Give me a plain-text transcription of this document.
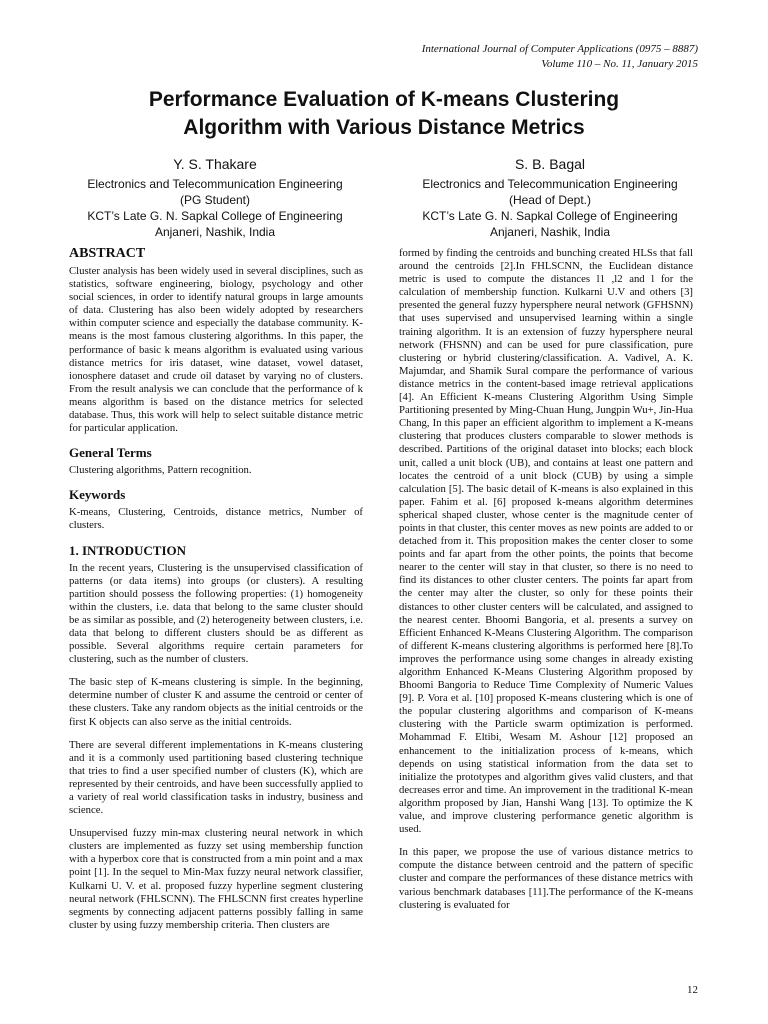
International Journal of Computer Applications (0975 – 8887)
Volume 110 – No. 11, January 2015
Performance Evaluation of K-means Clustering
Algorithm with Various Distance Metrics
Y. S. Thakare
Electronics and Telecommunication Engineering
(PG Student)
KCT’s Late G. N. Sapkal College of Engineering
Anjaneri, Nashik, India
S. B. Bagal
Electronics and Telecommunication Engineering
(Head of Dept.)
KCT’s Late G. N. Sapkal College of Engineering
Anjaneri, Nashik, India
ABSTRACT

Cluster analysis has been widely used in several disciplines, such as statistics, software engineering, biology, psychology and other social sciences, in order to identify natural groups in large amounts of data. Clustering has also been widely adopted by researchers within computer science and especially the database community. K-means is the most famous clustering algorithms. In this paper, the performance of basic k means algorithm is evaluated using various distance metrics for iris dataset, wine dataset, vowel dataset, ionosphere dataset and crude oil dataset by varying no of clusters. From the result analysis we can conclude that the performance of k means algorithm is based on the distance metrics for selected database. Thus, this work will help to select suitable distance metric for particular application.

General Terms

Clustering algorithms, Pattern recognition.

Keywords

K-means, Clustering, Centroids, distance metrics, Number of clusters.

1. INTRODUCTION

In the recent years, Clustering is the unsupervised classification of patterns (or data items) into groups (or clusters). A resulting partition should possess the following properties: (1) homogeneity within the clusters, i.e. data that belong to the same cluster should be as similar as possible, and (2) heterogeneity between clusters, i.e. data that belong to different clusters should be as different as possible. Several algorithms require certain parameters for clustering, such as the number of clusters.

The basic step of K-means clustering is simple. In the beginning, determine number of cluster K and assume the centroid or center of these clusters. Take any random objects as the initial centroids or the first K objects can also serve as the initial centroids.

There are several different implementations in K-means clustering and it is a commonly used partitioning based clustering technique that tries to find a user specified number of clusters (K), which are represented by their centroids, and have been successfully applied to a variety of real world classification tasks in industry, business and science.

Unsupervised fuzzy min-max clustering neural network in which clusters are implemented as fuzzy set using membership function with a hyperbox core that is constructed from a min point and a max point [1]. In the sequel to Min-Max fuzzy neural network classifier, Kulkarni U. V. et al. proposed fuzzy hyperline segment clustering neural network (FHLSCNN). The FHLSCNN first creates hyperline segments by connecting adjacent patterns possibly falling in same cluster by using fuzzy membership criteria. Then clusters are

formed by finding the centroids and bunching created HLSs that fall around the centroids [2].In FHLSCNN, the Euclidean distance metric is used to compute the distances l1 ,l2 and l for the calculation of membership function. Kulkarni U.V and others [3] presented the general fuzzy hypersphere neural network (GFHSNN) that uses supervised and unsupervised learning within a single training algorithm. It is an extension of fuzzy hypersphere neural network (FHSNN) and can be used for pure classification, pure clustering or hybrid clustering/classification. A. Vadivel, A. K. Majumdar, and Shamik Sural compare the performance of various distance metrics in the content-based image retrieval applications [4]. An Efficient K-means Clustering Algorithm Using Simple Partitioning presented by Ming-Chuan Hung, Jungpin Wu+, Jin-Hua Chang, In this paper an efficient algorithm to implement a K-means clustering that produces clusters comparable to slower methods is described. Partitions of the original dataset into blocks; each block unit, called a unit block (UB), and contains at least one pattern and locates the centroid of a unit block (CUB) by using a simple calculation [5]. The basic detail of K-means is also explained in this paper. Fahim et al. [6] proposed k-means algorithm determines spherical shaped cluster, whose center is the magnitude center of points in that cluster, this center moves as new points are added to or detached from it. This proposition makes the center closer to some points and far apart from the other points, the points that become nearer to the center will stay in that cluster, so there is no need to find its distances to other cluster centers. The points far apart from the center may alter the cluster, so only for these points their distances to other cluster centers will be calculated, and assigned to the nearest center. Bhoomi Bangoria, et al. presents a survey on Efficient Enhanced K-Means Clustering Algorithm. The comparison of different K-means clustering algorithms is performed here [8].To improves the performance using some changes in already existing algorithm Enhanced K-Means Clustering Algorithm proposed by Bhoomi Bangoria to Reduce Time Complexity of Numeric Values [9]. P. Vora et al. [10] proposed K-means clustering which is one of the popular clustering algorithms and comparison of K-means clustering with the Particle swarm optimization is performed. Mohammad F. Eltibi, Wesam M. Ashour [12] proposed an enhancement to the initialization process of k-means, which depends on using statistical information from the data set to initialize the prototypes and algorithm gives valid clusters, and that decreases error and time. An improvement in the traditional K-mean algorithm proposed by Jian, Hanshi Wang [13]. To optimize the K value, and improve clustering performance genetic algorithm is used.

In this paper, we propose the use of various distance metrics to compute the distance between centroid and the pattern of specific cluster and compare the performances of these distance metrics with various benchmark databases [11].The performance of the K-means clustering is evaluated for

12
